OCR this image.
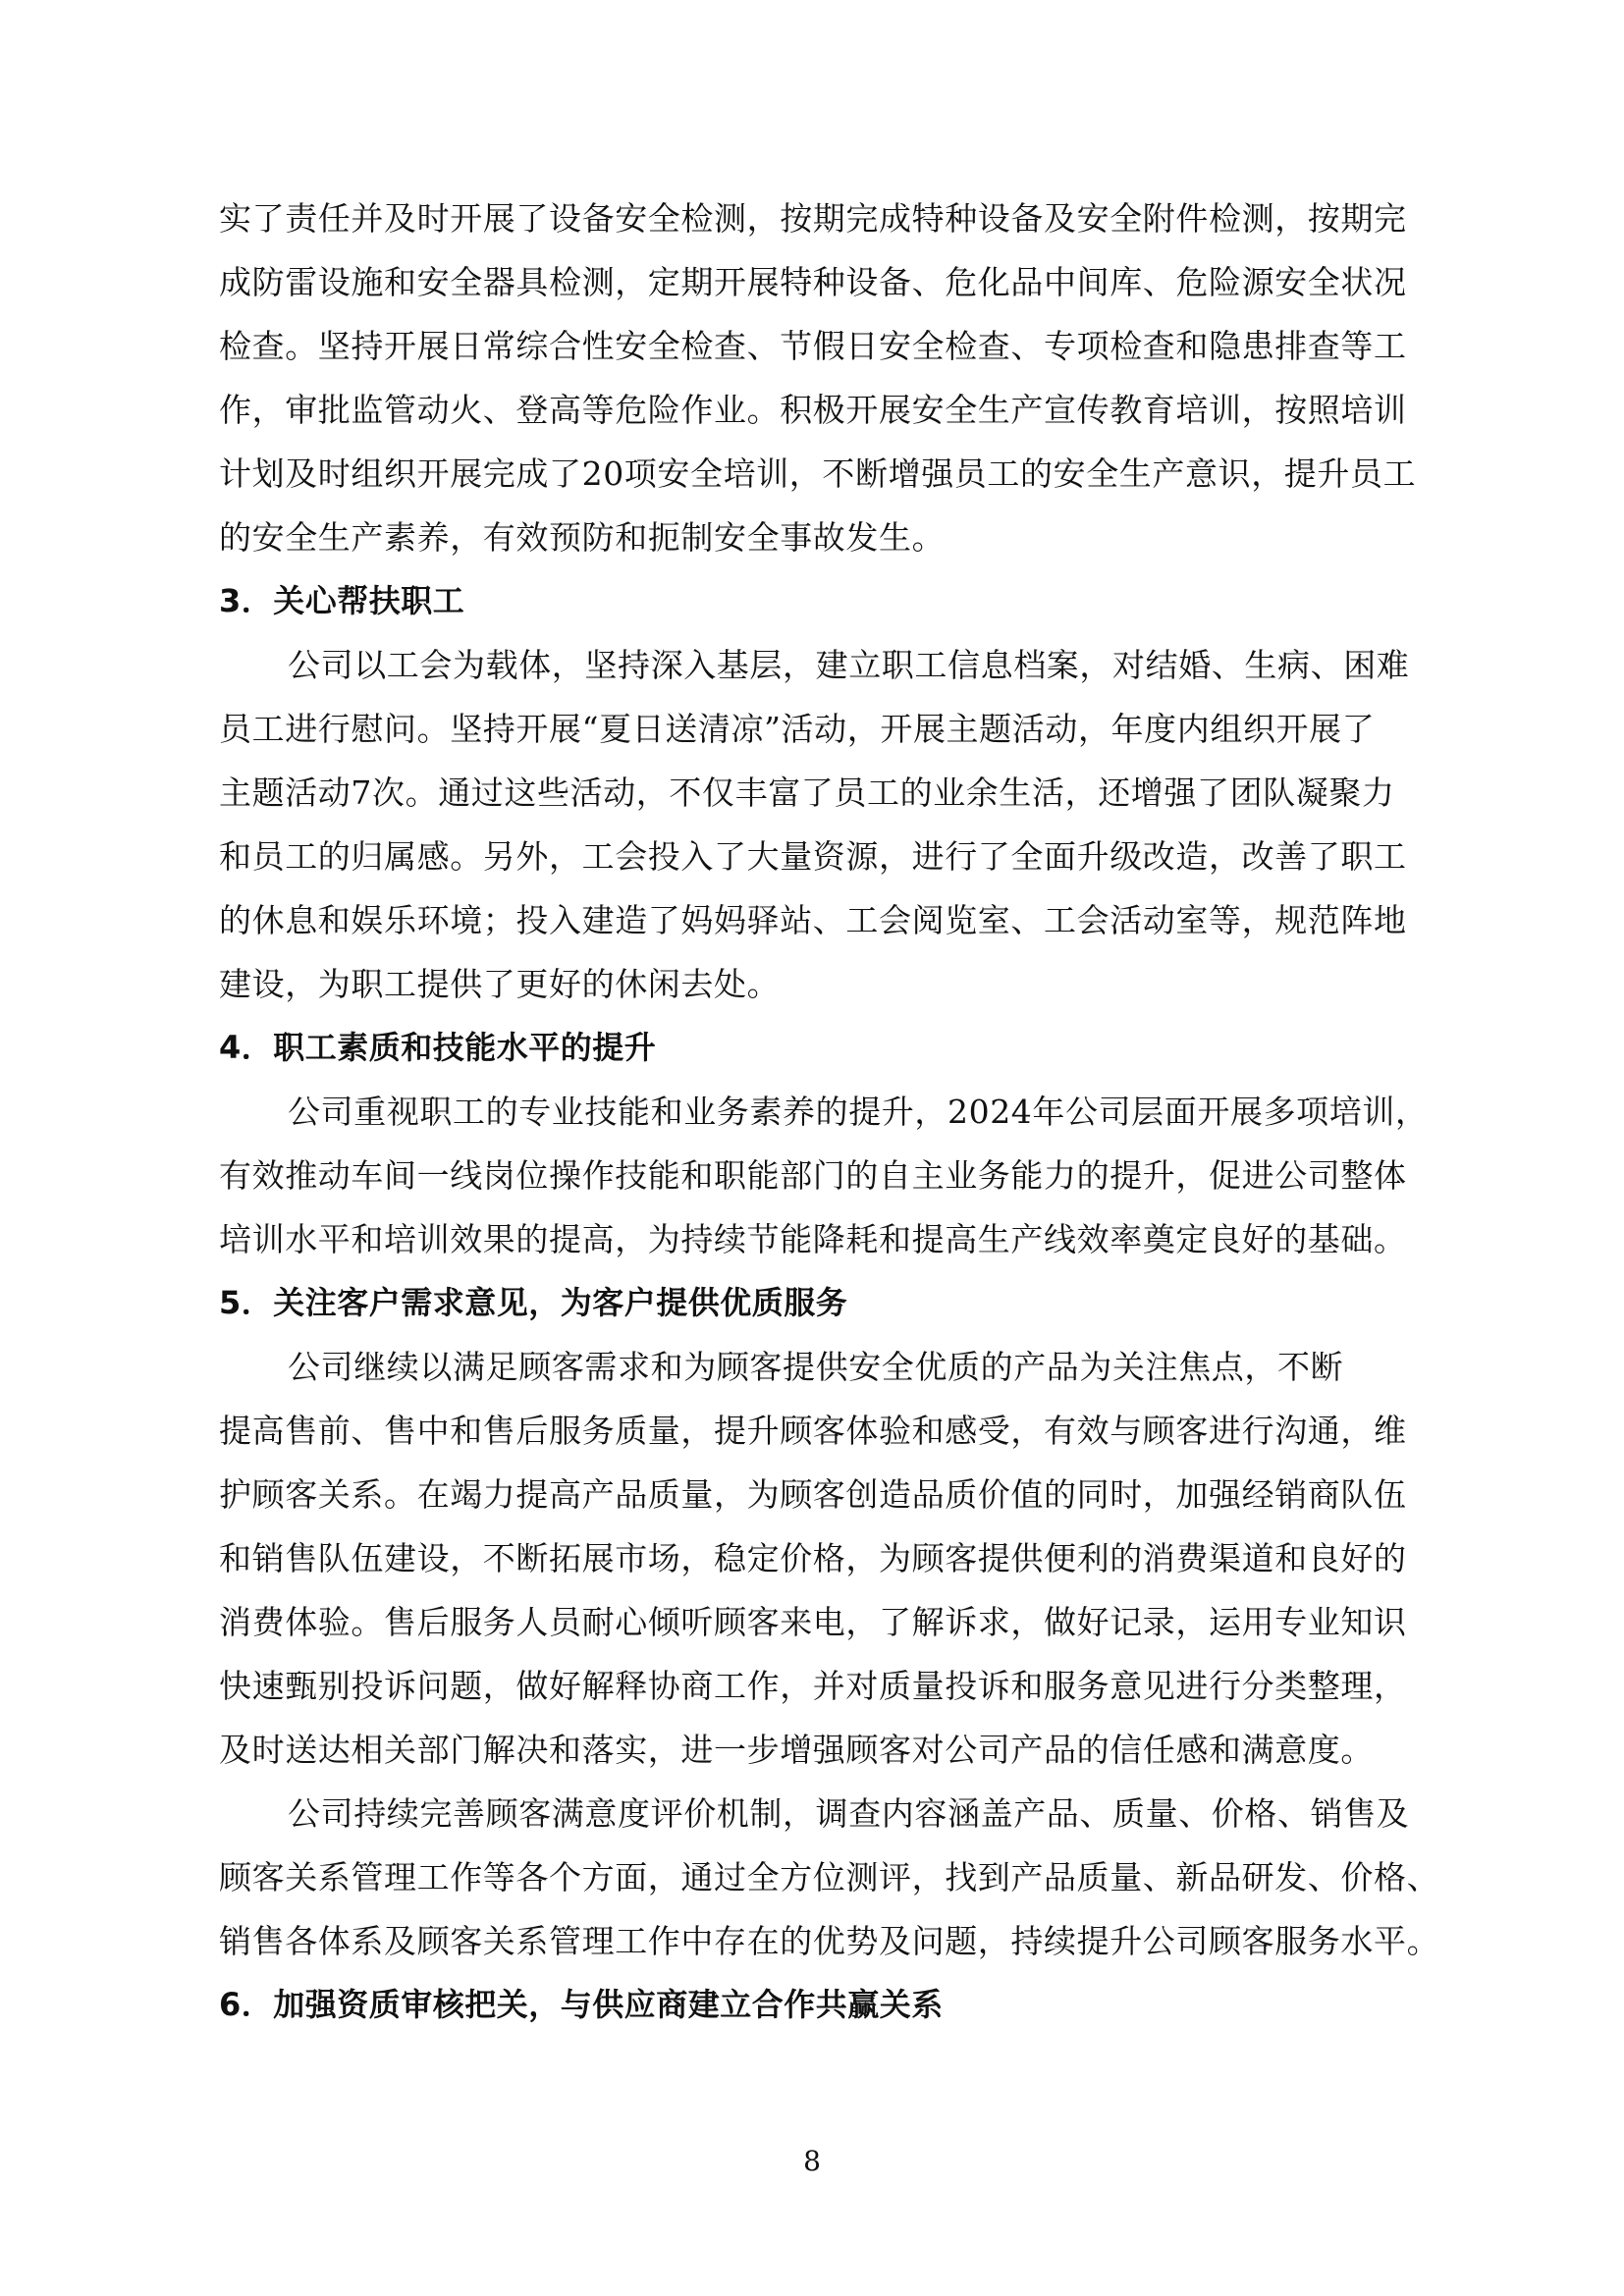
实了责任并及时开展了设备安全检测，按期完成特种设备及安全附件检测，按期完
成防雷设施和安全器具检测，定期开展特种设备、危化品中间库、危险源安全状况
检查。坚持开展日常综合性安全检查、节假日安全检查、专项检查和隐患排查等工
作，审批监管动火、登高等危险作业。积极开展安全生产宣传教育培训，按照培训
计划及时组织开展完成了20项安全培训，不断增强员工的安全生产意识，提升员工
的安全生产素养，有效预防和扼制安全事故发生。
3．关心帮扶职工
公司以工会为载体，坚持深入基层，建立职工信息档案，对结婚、生病、困难
员工进行慰问。坚持开展“夏日送清凉”活动，开展主题活动，年度内组织开展了
主题活动7次。通过这些活动，不仅丰富了员工的业余生活，还增强了团队凝聚力
和员工的归属感。另外，工会投入了大量资源，进行了全面升级改造，改善了职工
的休息和娱乐环境；投入建造了妈妈驿站、工会阅览室、工会活动室等，规范阵地
建设，为职工提供了更好的休闲去处。
4．职工素质和技能水平的提升
公司重视职工的专业技能和业务素养的提升，2024年公司层面开展多项培训，
有效推动车间一线岗位操作技能和职能部门的自主业务能力的提升，促进公司整体
培训水平和培训效果的提高，为持续节能降耗和提高生产线效率奠定良好的基础。
5．关注客户需求意见，为客户提供优质服务
公司继续以满足顾客需求和为顾客提供安全优质的产品为关注焦点，不断
提高售前、售中和售后服务质量，提升顾客体验和感受，有效与顾客进行沟通，维
护顾客关系。在竭力提高产品质量，为顾客创造品质价值的同时，加强经销商队伍
和销售队伍建设，不断拓展市场，稳定价格，为顾客提供便利的消费渠道和良好的
消费体验。售后服务人员耐心倾听顾客来电，了解诉求，做好记录，运用专业知识
快速甄别投诉问题，做好解释协商工作，并对质量投诉和服务意见进行分类整理，
及时送达相关部门解决和落实，进一步增强顾客对公司产品的信任感和满意度。
公司持续完善顾客满意度评价机制，调查内容涵盖产品、质量、价格、销售及
顾客关系管理工作等各个方面，通过全方位测评，找到产品质量、新品研发、价格、
销售各体系及顾客关系管理工作中存在的优势及问题，持续提升公司顾客服务水平。
6．加强资质审核把关，与供应商建立合作共赢关系
8
